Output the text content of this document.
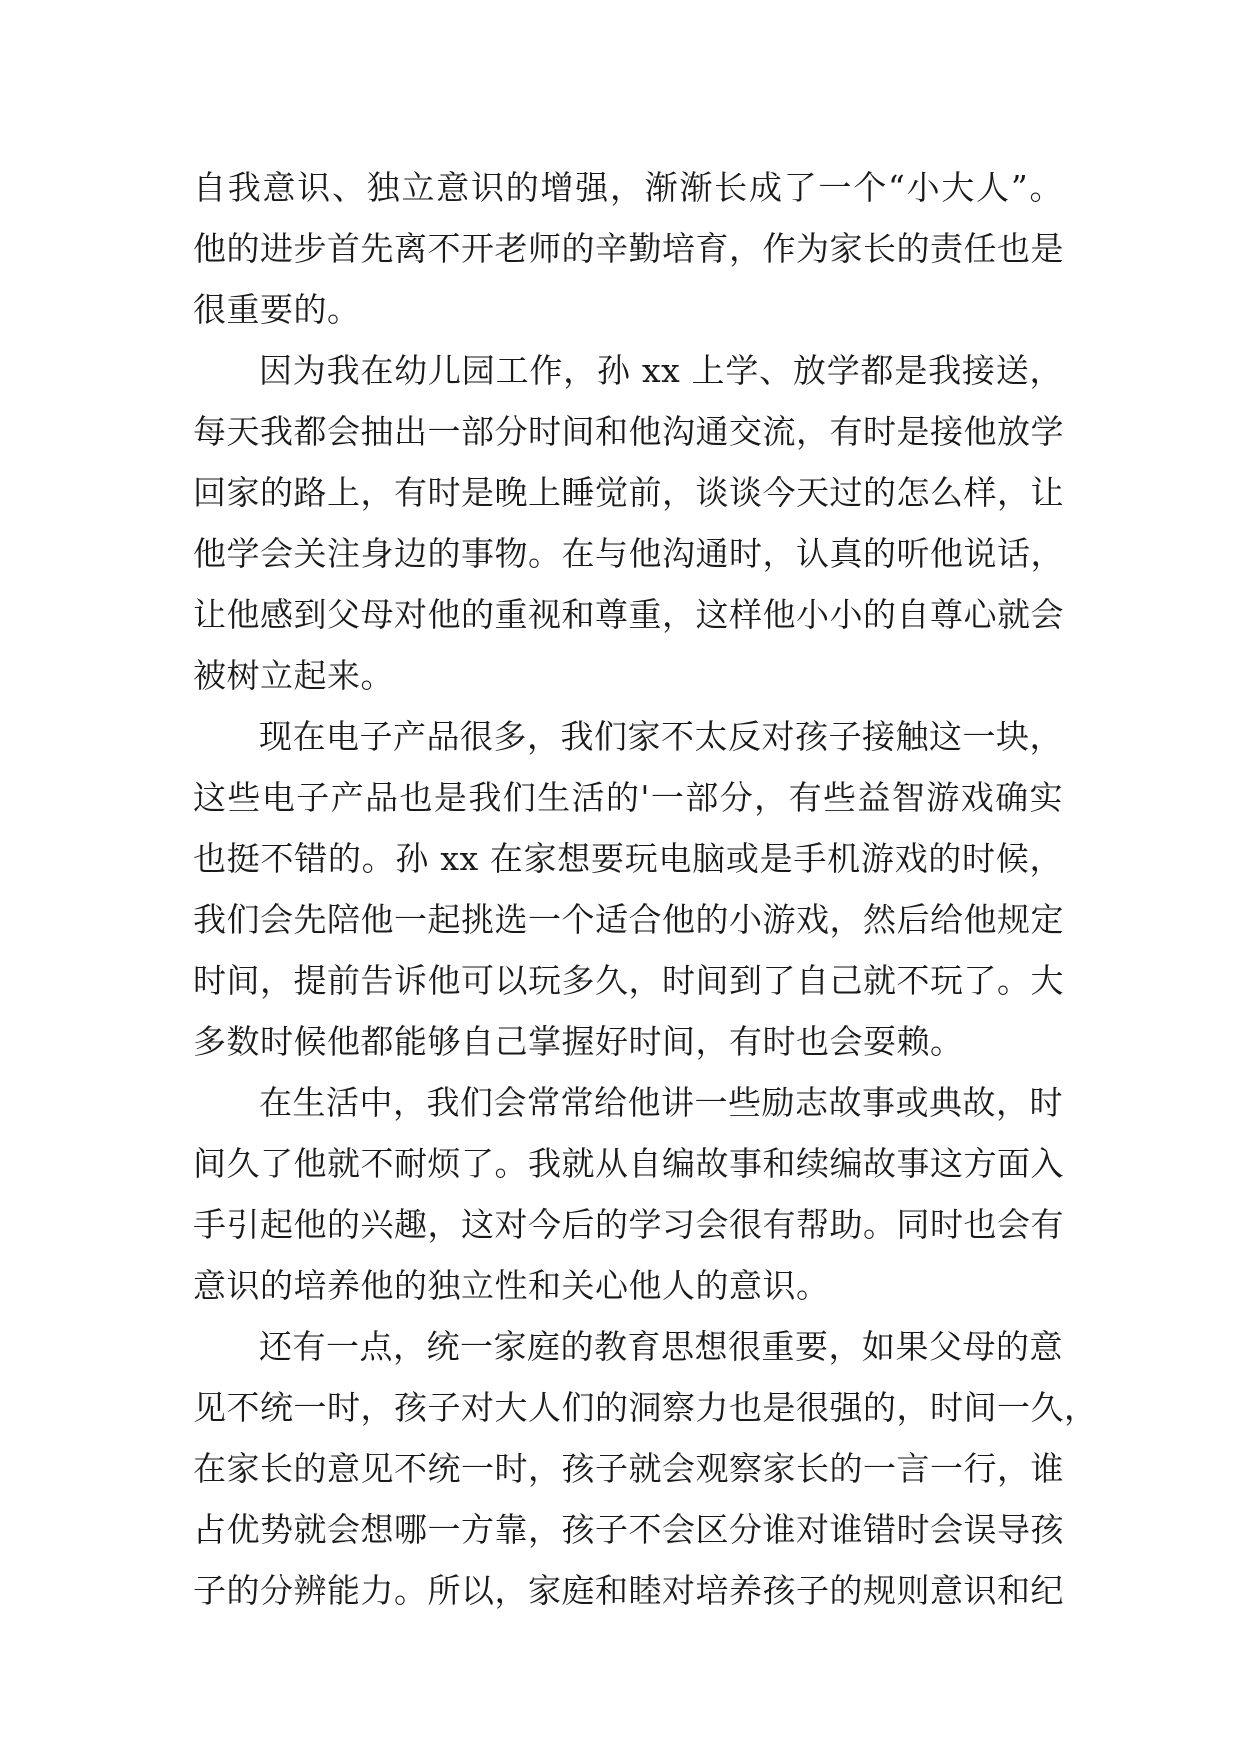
自我意识、独立意识的增强，渐渐长成了一个“小大人”。
他的进步首先离不开老师的辛勤培育，作为家长的责任也是
很重要的。
因为我在幼儿园工作，孙 xx 上学、放学都是我接送，
每天我都会抽出一部分时间和他沟通交流，有时是接他放学
回家的路上，有时是晚上睡觉前，谈谈今天过的怎么样，让
他学会关注身边的事物。在与他沟通时，认真的听他说话，
让他感到父母对他的重视和尊重，这样他小小的自尊心就会
被树立起来。
现在电子产品很多，我们家不太反对孩子接触这一块，
这些电子产品也是我们生活的'一部分，有些益智游戏确实
也挺不错的。孙 xx 在家想要玩电脑或是手机游戏的时候，
我们会先陪他一起挑选一个适合他的小游戏，然后给他规定
时间，提前告诉他可以玩多久，时间到了自己就不玩了。大
多数时候他都能够自己掌握好时间，有时也会耍赖。
在生活中，我们会常常给他讲一些励志故事或典故，时
间久了他就不耐烦了。我就从自编故事和续编故事这方面入
手引起他的兴趣，这对今后的学习会很有帮助。同时也会有
意识的培养他的独立性和关心他人的意识。
还有一点，统一家庭的教育思想很重要，如果父母的意
见不统一时，孩子对大人们的洞察力也是很强的，时间一久，
在家长的意见不统一时，孩子就会观察家长的一言一行，谁
占优势就会想哪一方靠，孩子不会区分谁对谁错时会误导孩
子的分辨能力。所以，家庭和睦对培养孩子的规则意识和纪
